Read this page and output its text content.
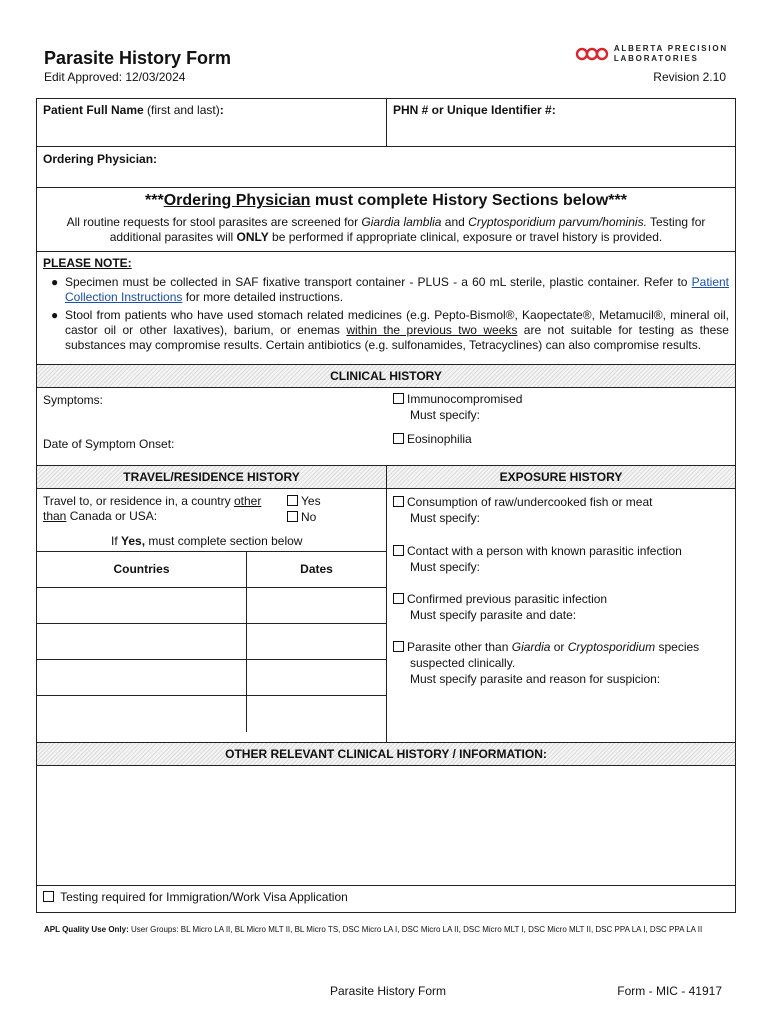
Parasite History Form
Edit Approved: 12/03/2024	Revision 2.10
ALBERTA PRECISION
LABORATORIES
Patient Full Name (first and last):	PHN # or Unique Identifier #:
Ordering Physician:
***Ordering Physician must complete History Sections below***
All routine requests for stool parasites are screened for Giardia lamblia and Cryptosporidium parvum/hominis. Testing for additional parasites will ONLY be performed if appropriate clinical, exposure or travel history is provided.
PLEASE NOTE:
● Specimen must be collected in SAF fixative transport container - PLUS - a 60 mL sterile, plastic container. Refer to Patient Collection Instructions for more detailed instructions.
● Stool from patients who have used stomach related medicines (e.g. Pepto-Bismol®, Kaopectate®, Metamucil®, mineral oil, castor oil or other laxatives), barium, or enemas within the previous two weeks are not suitable for testing as these substances may compromise results. Certain antibiotics (e.g. sulfonamides, Tetracyclines) can also compromise results.
CLINICAL HISTORY
Symptoms:
Date of Symptom Onset:
Immunocompromised
Must specify:
Eosinophilia
TRAVEL/RESIDENCE HISTORY	EXPOSURE HISTORY
Travel to, or residence in, a country other than Canada or USA:
Yes
No
If Yes, must complete section below
Countries	Dates
Consumption of raw/undercooked fish or meat
Must specify:
Contact with a person with known parasitic infection
Must specify:
Confirmed previous parasitic infection
Must specify parasite and date:
Parasite other than Giardia or Cryptosporidium species
suspected clinically.
Must specify parasite and reason for suspicion:
OTHER RELEVANT CLINICAL HISTORY / INFORMATION:
Testing required for Immigration/Work Visa Application
APL Quality Use Only: User Groups: BL Micro LA II, BL Micro MLT II, BL Micro TS, DSC Micro LA I, DSC Micro LA II, DSC Micro MLT I, DSC Micro MLT II, DSC PPA LA I, DSC PPA LA II
Parasite History Form	Form - MIC - 41917
